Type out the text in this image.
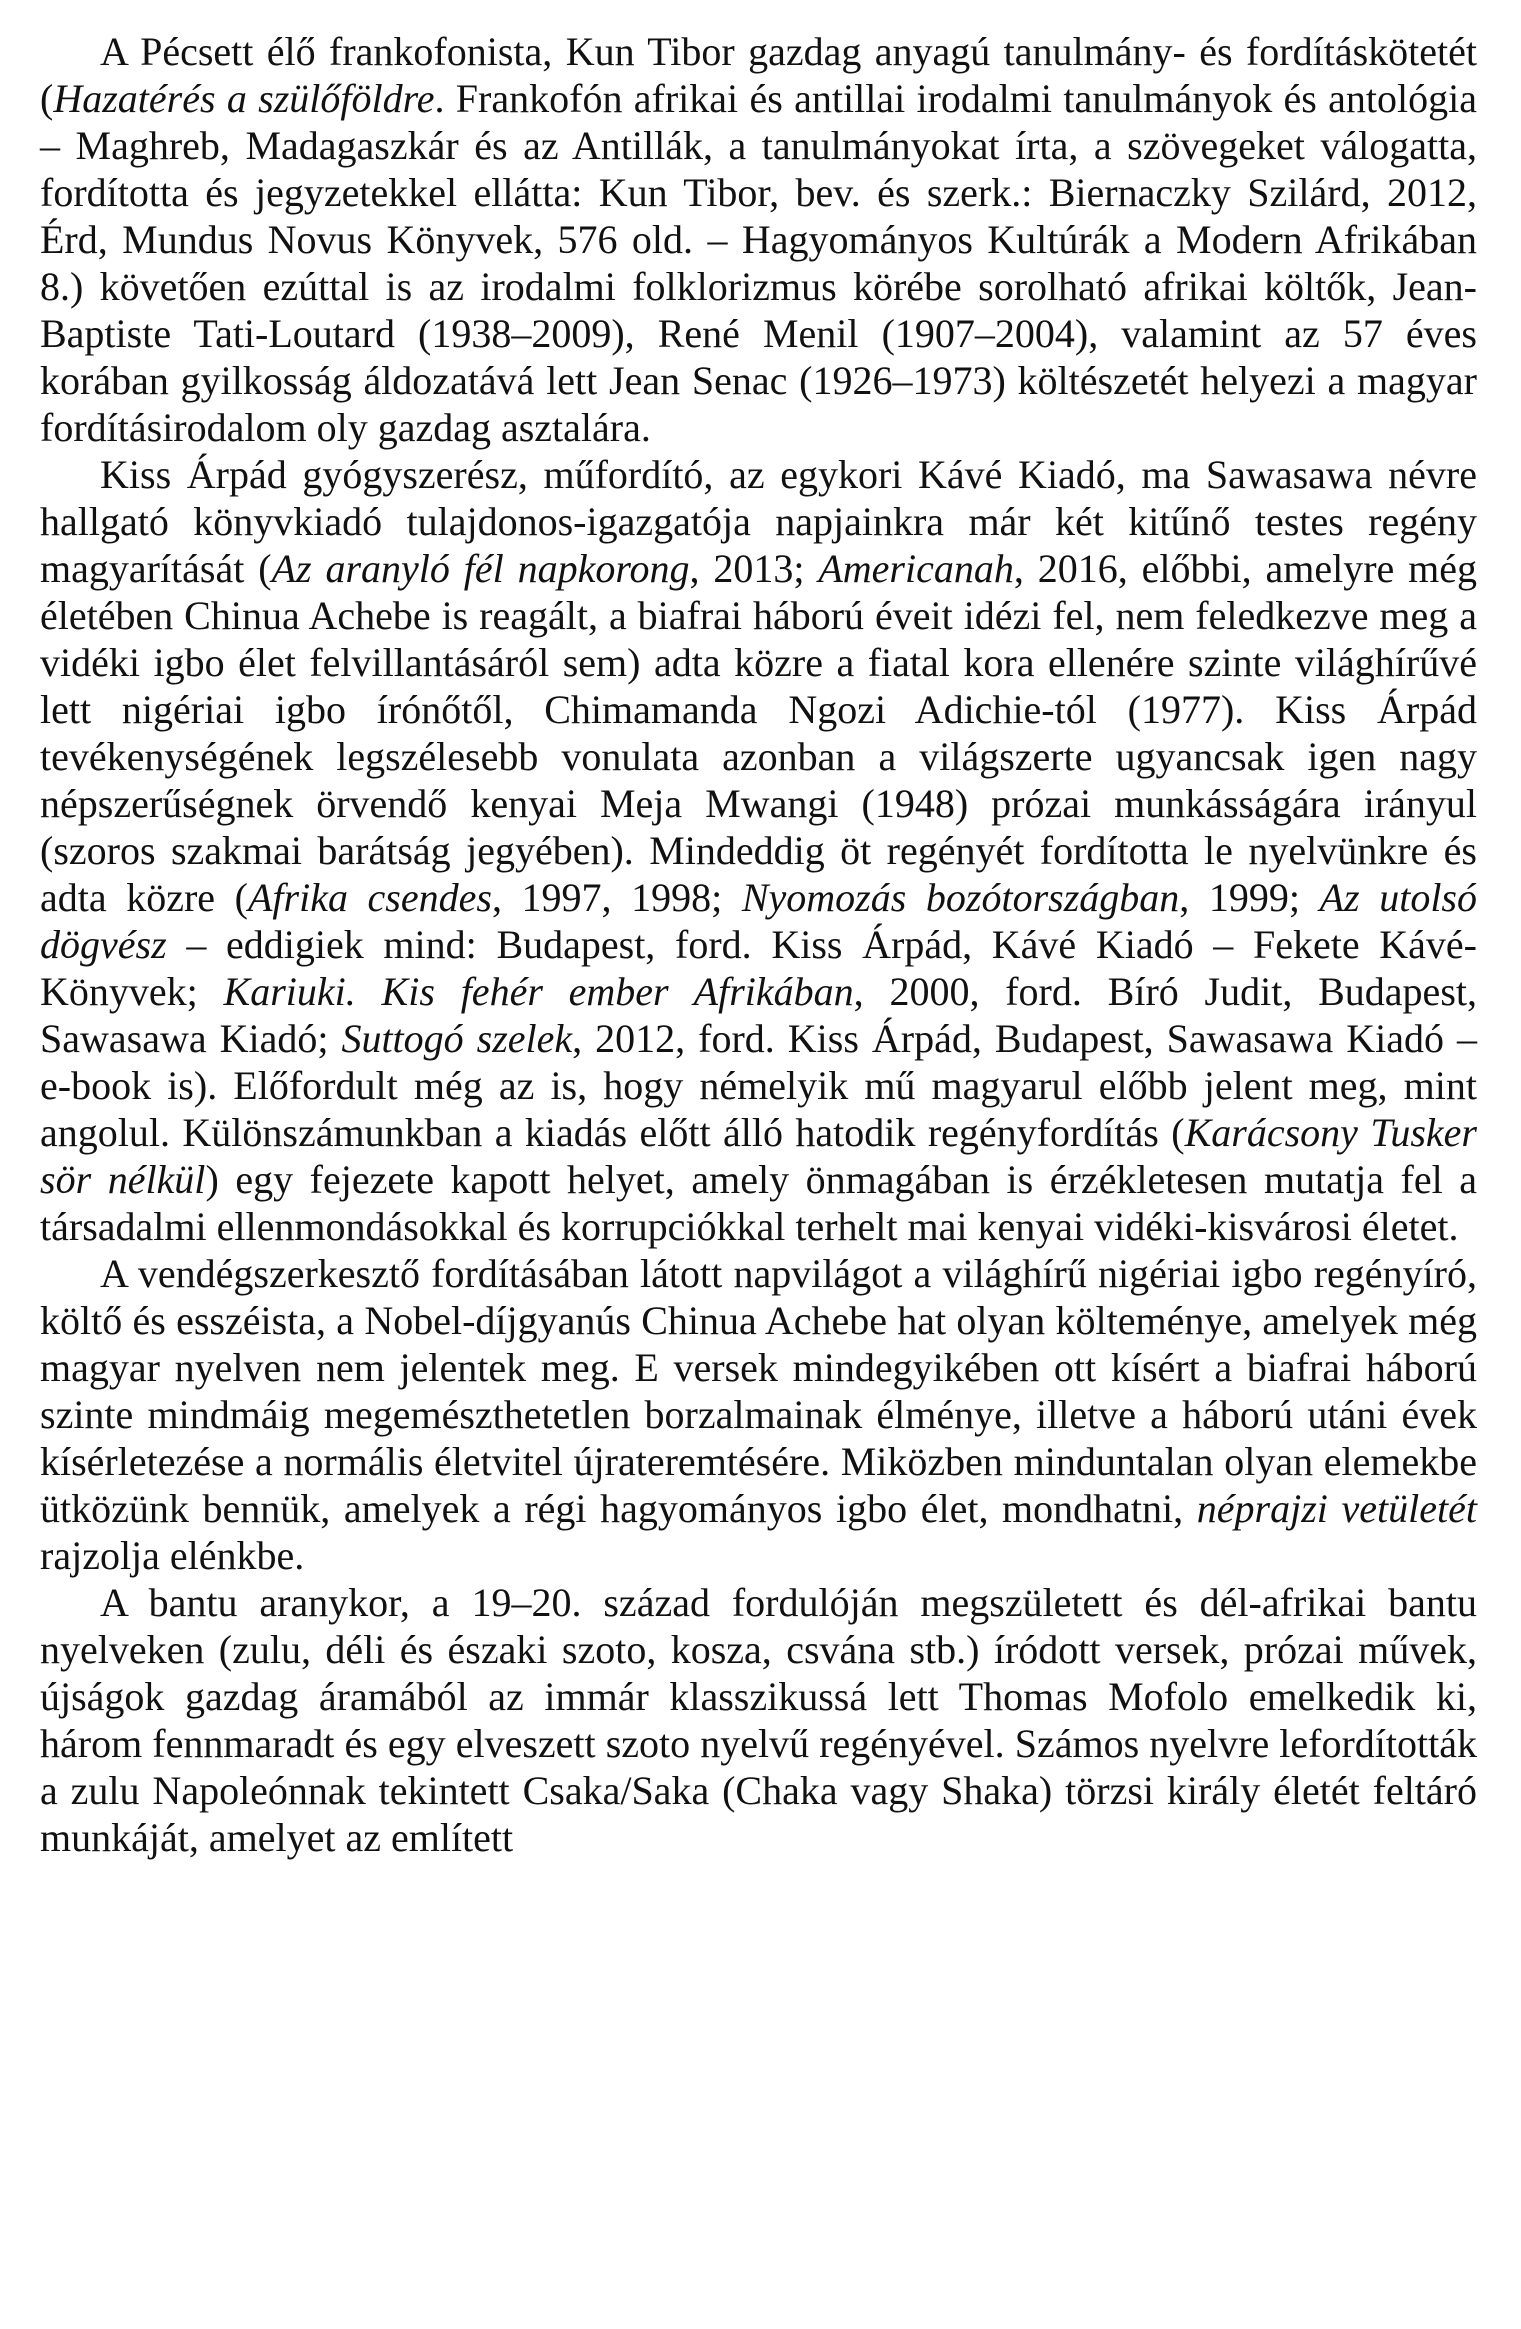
A Pécsett élő frankofonista, Kun Tibor gazdag anyagú tanulmány- és fordításkötetét (Hazatérés a szülőföldre. Frankofón afrikai és antillai irodalmi tanulmányok és antológia – Maghreb, Madagaszkár és az Antillák, a tanulmányokat írta, a szövegeket válogatta, fordította és jegyzetekkel ellátta: Kun Tibor, bev. és szerk.: Biernaczky Szilárd, 2012, Érd, Mundus Novus Könyvek, 576 old. – Hagyományos Kultúrák a Modern Afrikában 8.) követően ezúttal is az irodalmi folklorizmus körébe sorolható afrikai költők, Jean-Baptiste Tati-Loutard (1938–2009), René Menil (1907–2004), valamint az 57 éves korában gyilkosság áldozatává lett Jean Senac (1926–1973) költészetét helyezi a magyar fordításirodalom oly gazdag asztalára.

Kiss Árpád gyógyszerész, műfordító, az egykori Kávé Kiadó, ma Sawasawa névre hallgató könyvkiadó tulajdonos-igazgatója napjainkra már két kitűnő testes regény magyarítását (Az aranyló fél napkorong, 2013; Americanah, 2016, előbbi, amelyre még életében Chinua Achebe is reagált, a biafrai háború éveit idézi fel, nem feledkezve meg a vidéki igbo élet felvillantásáról sem) adta közre a fiatal kora ellenére szinte világhírűvé lett nigériai igbo írónőtől, Chimamanda Ngozi Adichie-tól (1977). Kiss Árpád tevékenységének legszélesebb vonulata azonban a világszerte ugyancsak igen nagy népszerűségnek örvendő kenyai Meja Mwangi (1948) prózai munkásságára irányul (szoros szakmai barátság jegyében). Mindeddig öt regényét fordította le nyelvünkre és adta közre (Afrika csendes, 1997, 1998; Nyomozás bozótországban, 1999; Az utolsó dögvész – eddigiek mind: Budapest, ford. Kiss Árpád, Kávé Kiadó – Fekete Kávé-Könyvek; Kariuki. Kis fehér ember Afrikában, 2000, ford. Bíró Judit, Budapest, Sawasawa Kiadó; Suttogó szelek, 2012, ford. Kiss Árpád, Budapest, Sawasawa Kiadó – e-book is). Előfordult még az is, hogy némelyik mű magyarul előbb jelent meg, mint angolul. Különszámunkban a kiadás előtt álló hatodik regényfordítás (Karácsony Tusker sör nélkül) egy fejezete kapott helyet, amely önmagában is érzékletesen mutatja fel a társadalmi ellenmondásokkal és korrupciókkal terhelt mai kenyai vidéki-kisvárosi életet.

A vendégszerkesztő fordításában látott napvilágot a világhírű nigériai igbo regényíró, költő és esszéista, a Nobel-díjgyanús Chinua Achebe hat olyan költeménye, amelyek még magyar nyelven nem jelentek meg. E versek mindegyikében ott kísért a biafrai háború szinte mindmáig megemészthetetlen borzalmainak élménye, illetve a háború utáni évek kísérletezése a normális életvitel újrateremtésére. Miközben minduntalan olyan elemekbe ütközünk bennük, amelyek a régi hagyományos igbo élet, mondhatni, néprajzi vetületét rajzolja elénkbe.

A bantu aranykor, a 19–20. század fordulóján megszületett és dél-afrikai bantu nyelveken (zulu, déli és északi szoto, kosza, csvána stb.) íródott versek, prózai művek, újságok gazdag áramából az immár klasszikussá lett Thomas Mofolo emelkedik ki, három fennmaradt és egy elveszett szoto nyelvű regényével. Számos nyelvre lefordították a zulu Napoleónnak tekintett Csaka/Saka (Chaka vagy Shaka) törzsi király életét feltáró munkáját, amelyet az említett
